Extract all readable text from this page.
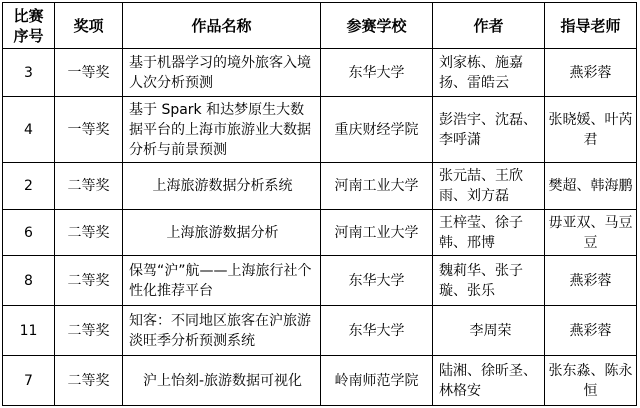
比赛序号	奖项	作品名称	参赛学校	作者	指导老师
3	一等奖	基于机器学习的境外旅客入境人次分析预测	东华大学	刘家栋、施嘉扬、雷皓云	燕彩蓉
4	一等奖	基于 Spark 和达梦原生大数据平台的上海市旅游业大数据分析与前景预测	重庆财经学院	彭浩宇、沈磊、李呼潇	张晓媛、叶芮君
2	二等奖	上海旅游数据分析系统	河南工业大学	张元喆、王欣雨、刘方磊	樊超、韩海鹏
6	二等奖	上海旅游数据分析	河南工业大学	王梓莹、徐子韩、邢博	毋亚双、马豆豆
8	二等奖	保驾“沪”航——上海旅行社个性化推荐平台	东华大学	魏莉华、张子璇、张乐	燕彩蓉
11	二等奖	知客：不同地区旅客在沪旅游淡旺季分析预测系统	东华大学	李周荣	燕彩蓉
7	二等奖	沪上怡刻-旅游数据可视化	岭南师范学院	陆湘、徐昕圣、林格安	张东淼、陈永恒
